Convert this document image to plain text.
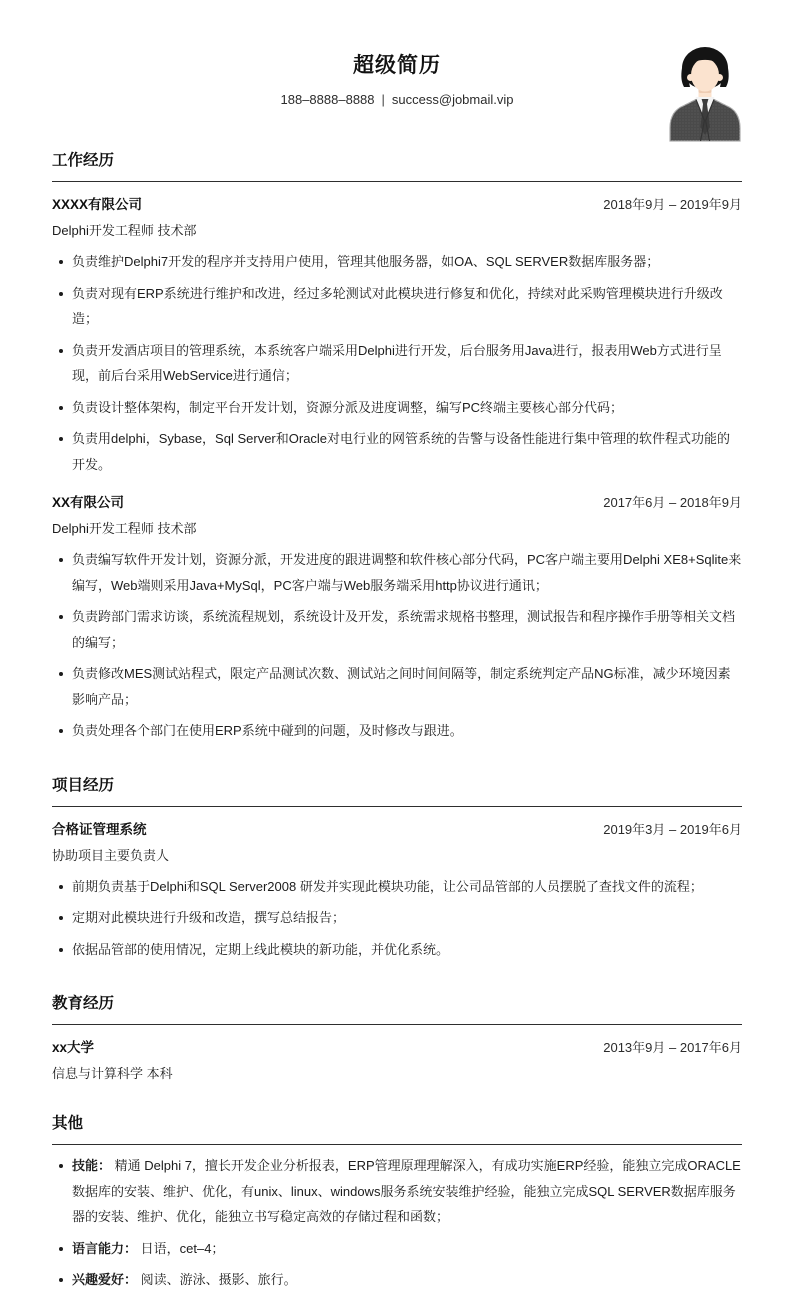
超级简历
188–8888–8888 | success@jobmail.vip
工作经历
XXXX有限公司	2018年9月 – 2019年9月
Delphi开发工程师 技术部
负责维护Delphi7开发的程序并支持用户使用，管理其他服务器，如OA、SQL SERVER数据库服务器；
负责对现有ERP系统进行维护和改进，经过多轮测试对此模块进行修复和优化，持续对此采购管理模块进行升级改造；
负责开发酒店项目的管理系统，本系统客户端采用Delphi进行开发，后台服务用Java进行，报表用Web方式进行呈现，前后台采用WebService进行通信；
负责设计整体架构，制定平台开发计划，资源分派及进度调整，编写PC终端主要核心部分代码；
负责用delphi，Sybase，Sql Server和Oracle对电行业的网管系统的告警与设备性能进行集中管理的软件程式功能的开发。
XX有限公司	2017年6月 – 2018年9月
Delphi开发工程师 技术部
负责编写软件开发计划，资源分派，开发进度的跟进调整和软件核心部分代码，PC客户端主要用Delphi XE8+Sqlite来编写，Web端则采用Java+MySql，PC客户端与Web服务端采用http协议进行通讯；
负责跨部门需求访谈，系统流程规划，系统设计及开发，系统需求规格书整理，测试报告和程序操作手册等相关文档的编写；
负责修改MES测试站程式，限定产品测试次数、测试站之间时间间隔等，制定系统判定产品NG标准，减少环境因素影响产品；
负责处理各个部门在使用ERP系统中碰到的问题，及时修改与跟进。
项目经历
合格证管理系统	2019年3月 – 2019年6月
协助项目主要负责人
前期负责基于Delphi和SQL Server2008 研发并实现此模块功能，让公司品管部的人员摆脱了查找文件的流程；
定期对此模块进行升级和改造，撰写总结报告；
依据品管部的使用情况，定期上线此模块的新功能，并优化系统。
教育经历
xx大学	2013年9月 – 2017年6月
信息与计算科学 本科
其他
技能： 精通 Delphi 7，擅长开发企业分析报表，ERP管理原理理解深入，有成功实施ERP经验，能独立完成ORACLE数据库的安装、维护、优化，有unix、linux、windows服务系统安装维护经验，能独立完成SQL SERVER数据库服务器的安装、维护、优化，能独立书写稳定高效的存储过程和函数；
语言能力： 日语，cet–4；
兴趣爱好： 阅读、游泳、摄影、旅行。
